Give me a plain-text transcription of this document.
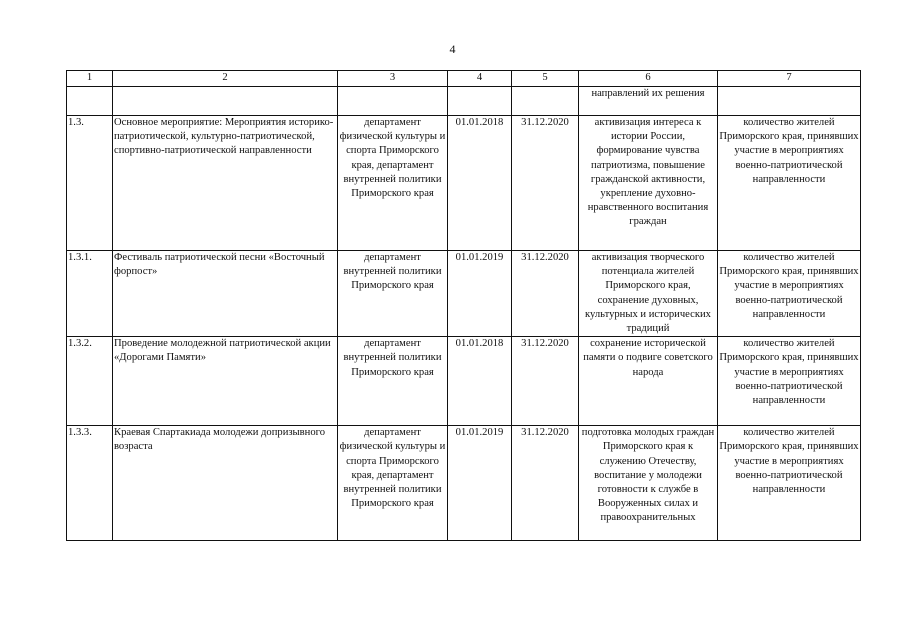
4
1	2	3	4	5	6	7
					направлений их решения	
1.3.	Основное мероприятие: Мероприятия историко-патриотической, культурно-патриотической, спортивно-патриотической направленности	департамент физической культуры и спорта Приморского края, департамент внутренней политики Приморского края	01.01.2018	31.12.2020	активизация интереса к истории России, формирование чувства патриотизма, повышение гражданской активности, укрепление духовно-нравственного воспитания граждан	количество жителей Приморского края, принявших участие в мероприятиях военно-патриотической направленности
1.3.1.	Фестиваль патриотической песни «Восточный форпост»	департамент внутренней политики Приморского края	01.01.2019	31.12.2020	активизация творческого потенциала жителей Приморского края, сохранение духовных, культурных и исторических традиций	количество жителей Приморского края, принявших участие в мероприятиях военно-патриотической направленности
1.3.2.	Проведение молодежной патриотической акции «Дорогами Памяти»	департамент внутренней политики Приморского края	01.01.2018	31.12.2020	сохранение исторической памяти о подвиге советского народа	количество жителей Приморского края, принявших участие в мероприятиях военно-патриотической направленности
1.3.3.	Краевая Спартакиада молодежи допризывного возраста	департамент физической культуры и спорта Приморского края, департамент внутренней политики Приморского края	01.01.2019	31.12.2020	подготовка молодых граждан Приморского края к служению Отечеству, воспитание у молодежи готовности к службе в Вооруженных силах и правоохранительных	количество жителей Приморского края, принявших участие в мероприятиях военно-патриотической направленности
